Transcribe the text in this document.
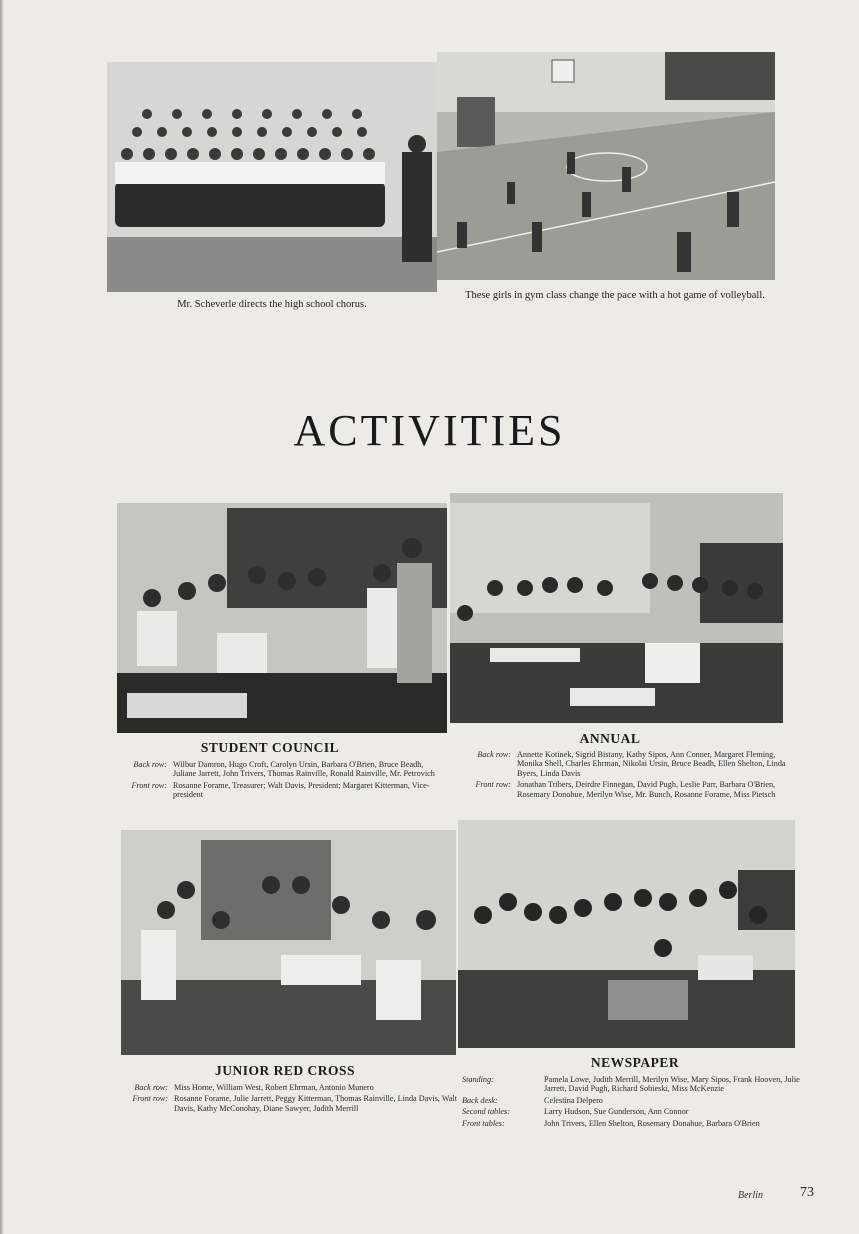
Mr. Scheverle directs the high school chorus.
These girls in gym class change the pace with a hot game of volleyball.
ACTIVITIES
STUDENT COUNCIL
ANNUAL
Back row: Wilbur Damron, Hugo Croft, Carolyn Ursin, Barbara O'Brien, Bruce Beadh, Juliane Jarrett, John Trivers, Thomas Rainville, Ronald Rainville, Mr. Petrovich
Front row: Rosanne Forame, Treasurer; Walt Davis, President; Margaret Kitterman, Vice-president
Back row: Annette Kotinek, Sigrid Bistany, Kathy Sipos, Ann Conner, Margaret Fleming, Monika Shell, Charles Ehrman, Nikolai Ursin, Bruce Beadh, Ellen Shelton, Linda Byers, Linda Davis
Front row: Jonathan Tribers, Deirdre Finnegan, David Pugh, Leslie Parr, Barbara O'Brien, Rosemary Donohue, Merilyn Wise, Mr. Bunch, Rosanne Forame, Miss Pietsch
JUNIOR RED CROSS
NEWSPAPER
Back row: Miss Horne, William West, Robert Ehrman, Antonio Munero
Front row: Rosanne Forame, Julie Jarrett, Peggy Kitterman, Thomas Rainville, Linda Davis, Walt Davis, Kathy McConohay, Diane Sawyer, Judith Merrill
Standing:	Pamela Lowe, Judith Merrill, Merilyn Wise, Mary Sipos, Frank Hooven, Julie Jarrett, David Pugh, Richard Sobieski, Miss McKenzie
Back desk:	Celestina Delpero
Second tables:	Larry Hudson, Sue Gunderson, Ann Connor
Front tables:	John Trivers, Ellen Shelton, Rosemary Donahue, Barbara O'Brien
Berlin	73
